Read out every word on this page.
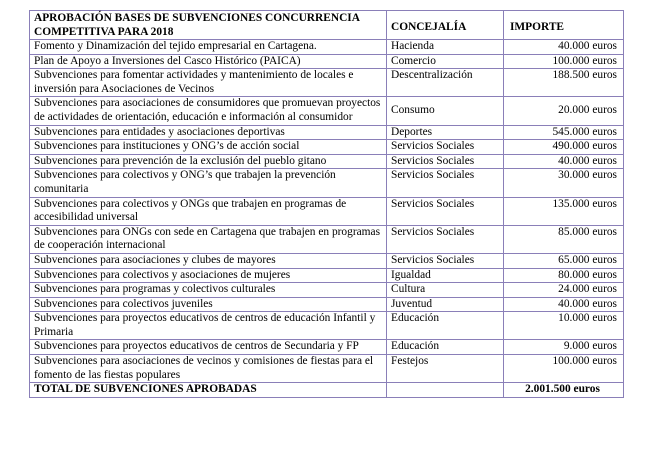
APROBACIÓN BASES DE SUBVENCIONES CONCURRENCIA COMPETITIVA PARA 2018	CONCEJALÍA	IMPORTE
Fomento y Dinamización del tejido empresarial en Cartagena.	Hacienda	40.000 euros
Plan de Apoyo a Inversiones del Casco Histórico (PAICA)	Comercio	100.000 euros
Subvenciones para fomentar actividades y mantenimiento de locales e inversión para Asociaciones de Vecinos	Descentralización	188.500 euros
Subvenciones para asociaciones de consumidores que promuevan proyectos de actividades de orientación, educación e información al consumidor	Consumo	20.000 euros
Subvenciones para entidades y asociaciones deportivas	Deportes	545.000 euros
Subvenciones para instituciones y ONG’s de acción social	Servicios Sociales	490.000 euros
Subvenciones para prevención de la exclusión del pueblo gitano	Servicios Sociales	40.000 euros
Subvenciones para colectivos y ONG’s que trabajen la prevención comunitaria	Servicios Sociales	30.000 euros
Subvenciones para colectivos y ONGs que trabajen en programas de accesibilidad universal	Servicios Sociales	135.000 euros
Subvenciones para ONGs con sede en Cartagena que trabajen en programas de cooperación internacional	Servicios Sociales	85.000 euros
Subvenciones para asociaciones y clubes de mayores	Servicios Sociales	65.000 euros
Subvenciones para colectivos y asociaciones de mujeres	Igualdad	80.000 euros
Subvenciones para programas y colectivos culturales	Cultura	24.000 euros
Subvenciones para colectivos juveniles	Juventud	40.000 euros
Subvenciones para proyectos educativos de centros de educación Infantil y Primaria	Educación	10.000 euros
Subvenciones para proyectos educativos de centros de Secundaria y FP	Educación	9.000 euros
Subvenciones para asociaciones de vecinos y comisiones de fiestas para el fomento de las fiestas populares	Festejos	100.000 euros
TOTAL DE SUBVENCIONES APROBADAS		2.001.500 euros
